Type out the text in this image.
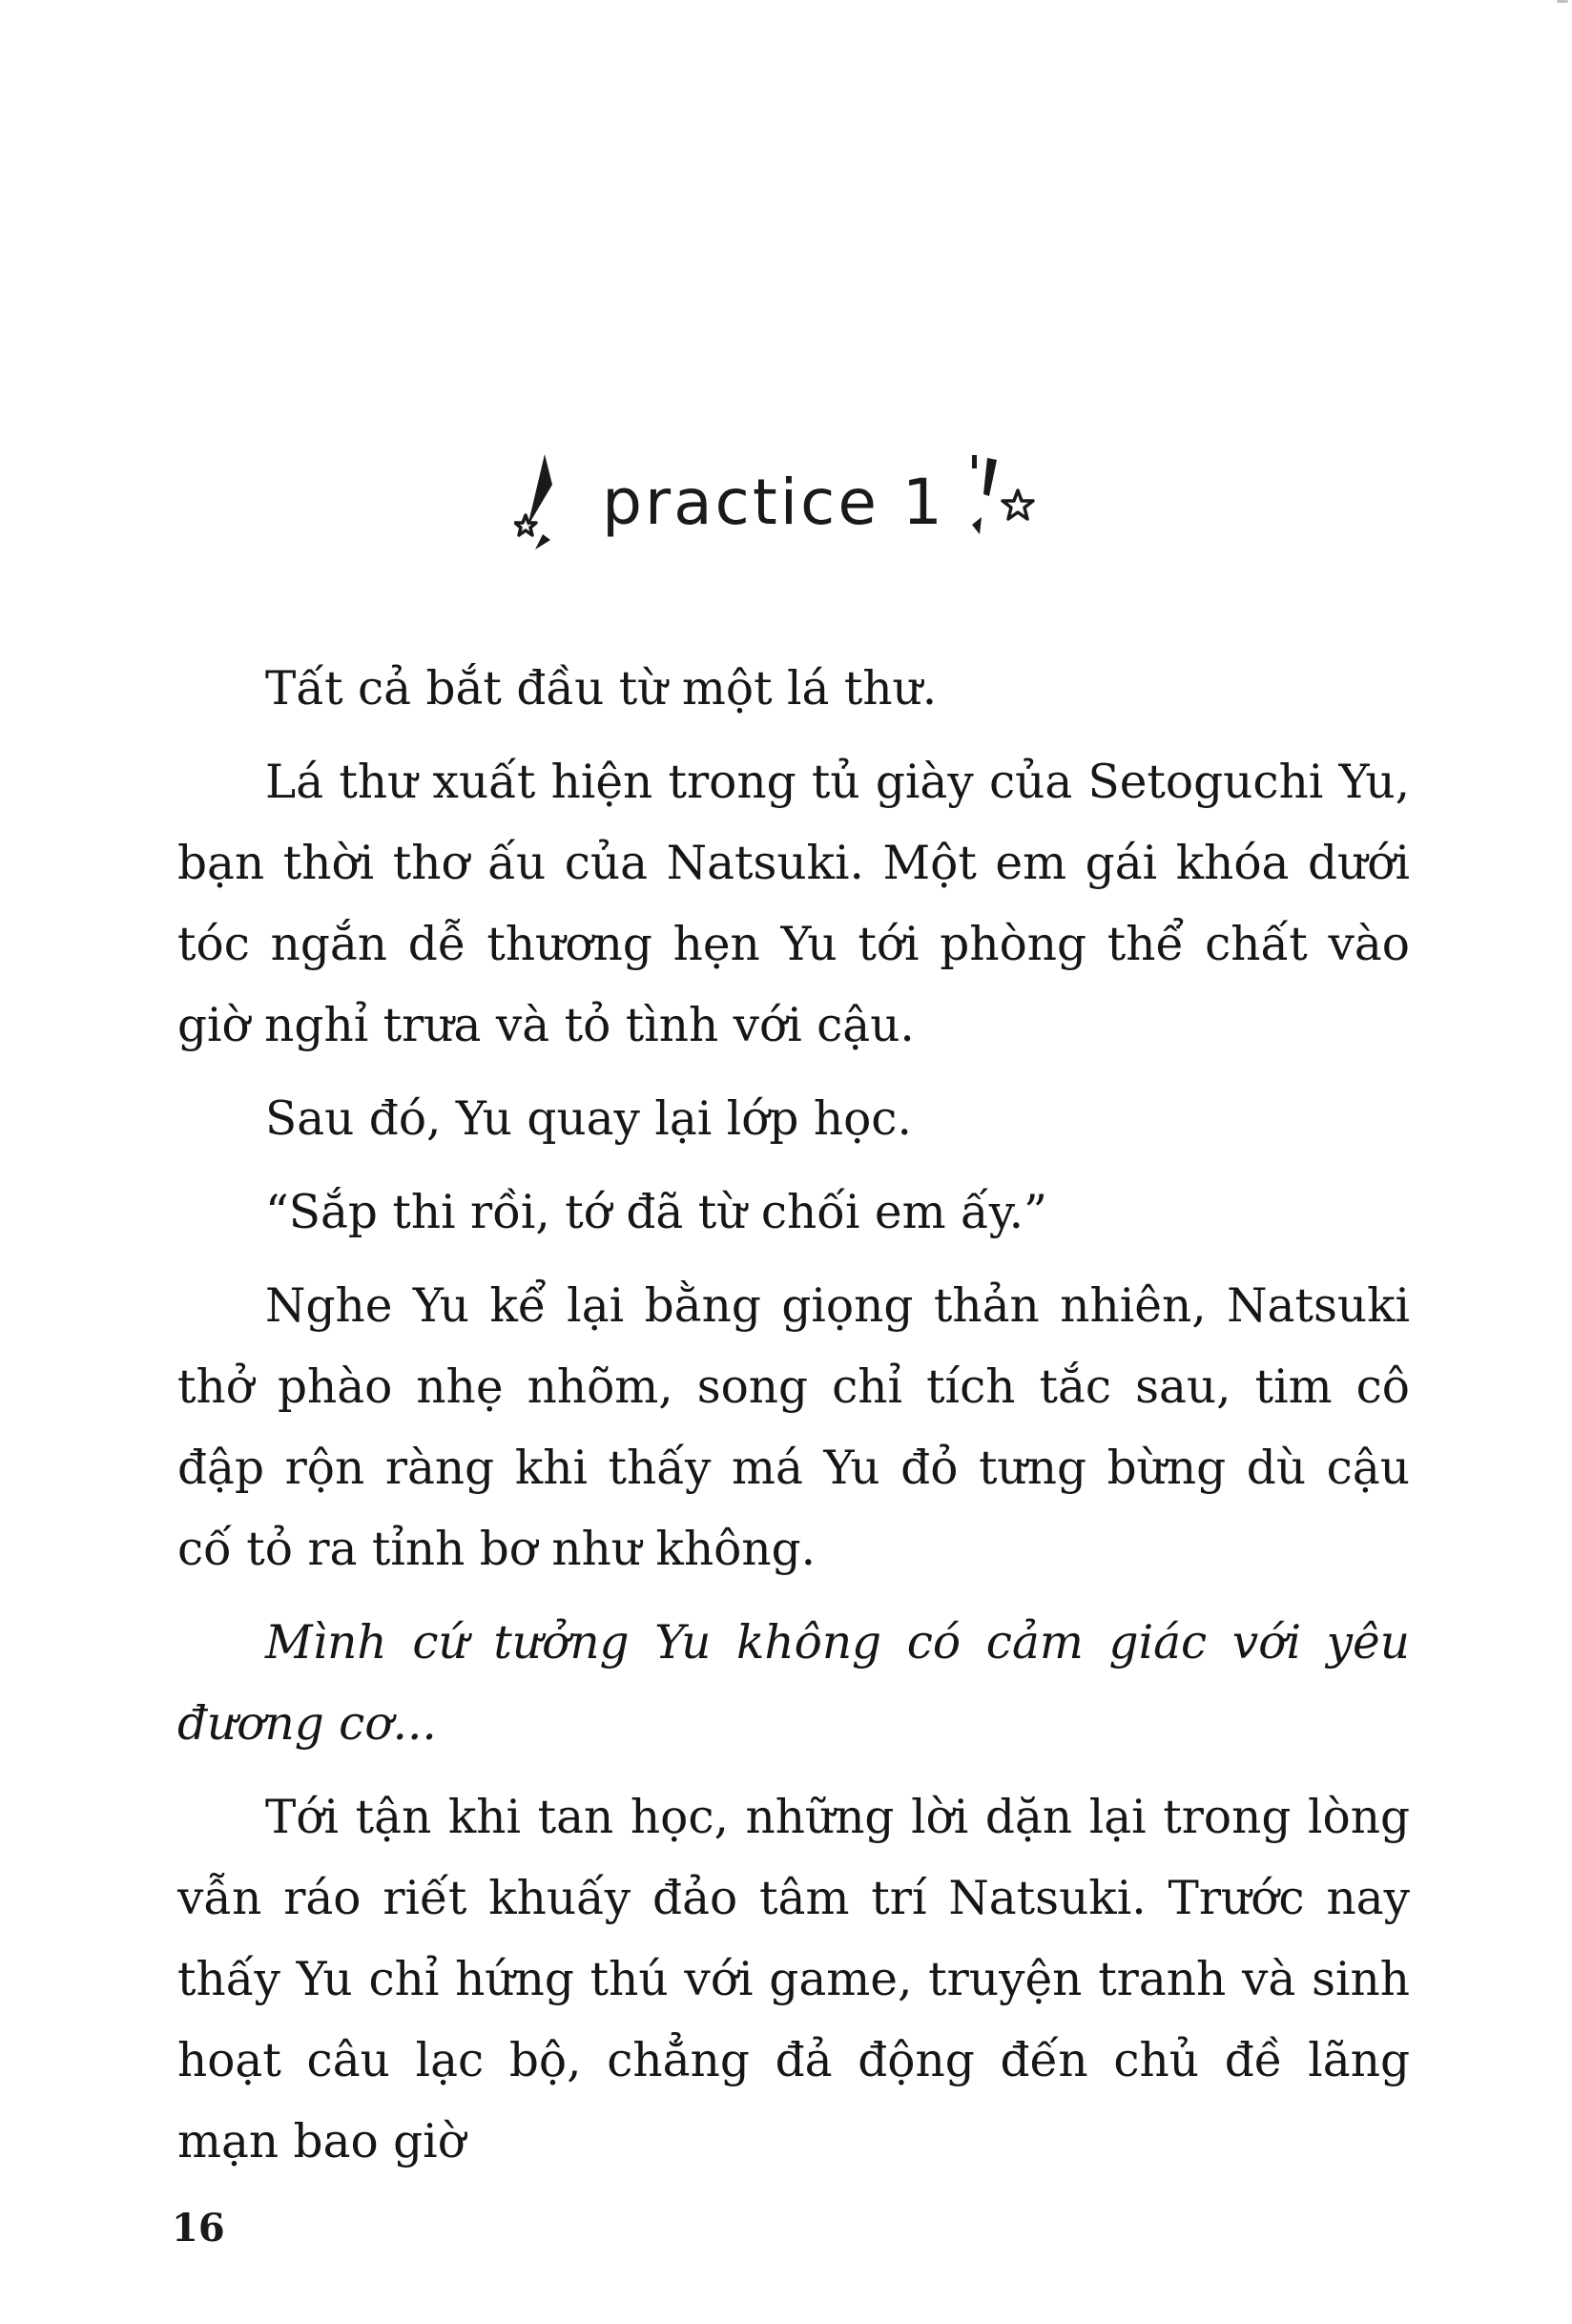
practice 1

Tất cả bắt đầu từ một lá thư.

Lá thư xuất hiện trong tủ giày của Setoguchi Yu, bạn thời thơ ấu của Natsuki. Một em gái khóa dưới tóc ngắn dễ thương hẹn Yu tới phòng thể chất vào giờ nghỉ trưa và tỏ tình với cậu.

Sau đó, Yu quay lại lớp học.

“Sắp thi rồi, tớ đã từ chối em ấy.”

Nghe Yu kể lại bằng giọng thản nhiên, Natsuki thở phào nhẹ nhõm, song chỉ tích tắc sau, tim cô đập rộn ràng khi thấy má Yu đỏ tưng bừng dù cậu cố tỏ ra tỉnh bơ như không.

Mình cứ tưởng Yu không có cảm giác với yêu đương cơ...

Tới tận khi tan học, những lời dặn lại trong lòng vẫn ráo riết khuấy đảo tâm trí Natsuki. Trước nay thấy Yu chỉ hứng thú với game, truyện tranh và sinh hoạt câu lạc bộ, chẳng đả động đến chủ đề lãng mạn bao giờ

16
